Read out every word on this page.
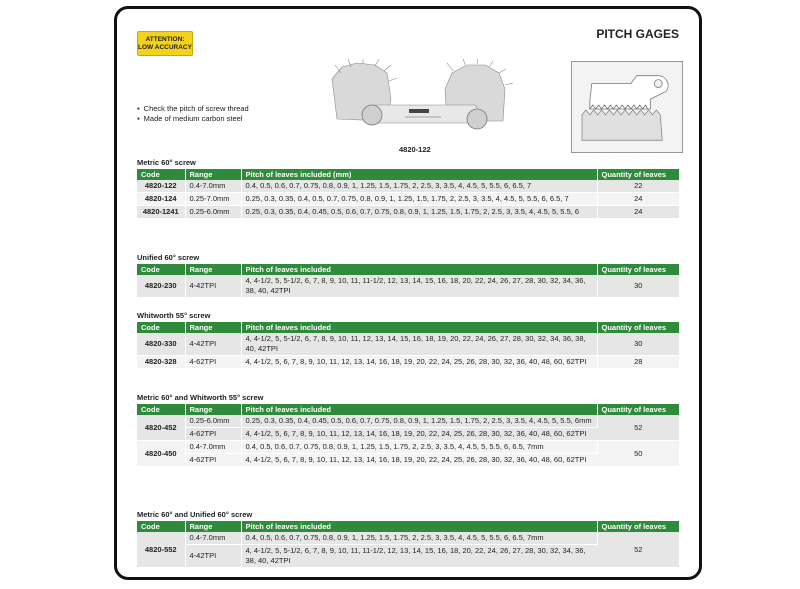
ATTENTION: LOW ACCURACY
PITCH GAGES
4820-122
▪ Check the pitch of screw thread
▪ Made of medium carbon steel
Metric 60° screw
Code	Range	Pitch of leaves included (mm)	Quantity of leaves
4820-122	0.4-7.0mm	0.4, 0.5, 0.6, 0.7, 0.75, 0.8, 0.9, 1, 1.25, 1.5, 1.75, 2, 2.5, 3, 3.5, 4, 4.5, 5, 5.5, 6, 6.5, 7	22
4820-124	0.25-7.0mm	0.25, 0.3, 0.35, 0.4, 0.5, 0.7, 0.75, 0.8, 0.9, 1, 1.25, 1.5, 1.75, 2, 2.5, 3, 3.5, 4, 4.5, 5, 5.5, 6, 6.5, 7	24
4820-1241	0.25-6.0mm	0.25, 0.3, 0.35, 0.4, 0.45, 0.5, 0.6, 0.7, 0.75, 0.8, 0.9, 1, 1.25, 1.5, 1.75, 2, 2.5, 3, 3.5, 4, 4.5, 5, 5.5, 6	24
Unified 60° screw
Code	Range	Pitch of leaves included	Quantity of leaves
4820-230	4-42TPI	4, 4-1/2, 5, 5-1/2, 6, 7, 8, 9, 10, 11, 11-1/2, 12, 13, 14, 15, 16, 18, 20, 22, 24, 26, 27, 28, 30, 32, 34, 36, 38, 40, 42TPI	30
Whitworth 55° screw
Code	Range	Pitch of leaves included	Quantity of leaves
4820-330	4-42TPI	4, 4-1/2, 5, 5-1/2, 6, 7, 8, 9, 10, 11, 12, 13, 14, 15, 16, 18, 19, 20, 22, 24, 26, 27, 28, 30, 32, 34, 36, 38, 40, 42TPI	30
4820-328	4-62TPI	4, 4-1/2, 5, 6, 7, 8, 9, 10, 11, 12, 13, 14, 16, 18, 19, 20, 22, 24, 25, 26, 28, 30, 32, 36, 40, 48, 60, 62TPI	28
Metric 60° and Whitworth 55° screw
Code	Range	Pitch of leaves included	Quantity of leaves
4820-452	0.25-6.0mm	0.25, 0.3, 0.35, 0.4, 0.45, 0.5, 0.6, 0.7, 0.75, 0.8, 0.9, 1, 1.25, 1.5, 1.75, 2, 2.5, 3, 3.5, 4, 4.5, 5, 5.5, 6mm	52
	4-62TPI	4, 4-1/2, 5, 6, 7, 8, 9, 10, 11, 12, 13, 14, 16, 18, 19, 20, 22, 24, 25, 26, 28, 30, 32, 36, 40, 48, 60, 62TPI	
4820-450	0.4-7.0mm	0.4, 0.5, 0.6, 0.7, 0.75, 0.8, 0.9, 1, 1.25, 1.5, 1.75, 2, 2.5, 3, 3.5, 4, 4.5, 5, 5.5, 6, 6.5, 7mm	50
	4-62TPI	4, 4-1/2, 5, 6, 7, 8, 9, 10, 11, 12, 13, 14, 16, 18, 19, 20, 22, 24, 25, 26, 28, 30, 32, 36, 40, 48, 60, 62TPI	
Metric 60° and Unified 60° screw
Code	Range	Pitch of leaves included	Quantity of leaves
4820-552	0.4-7.0mm	0.4, 0.5, 0.6, 0.7, 0.75, 0.8, 0.9, 1, 1.25, 1.5, 1.75, 2, 2.5, 3, 3.5, 4, 4.5, 5, 5.5, 6, 6.5, 7mm	52
	4-42TPI	4, 4-1/2, 5, 5-1/2, 6, 7, 8, 9, 10, 11, 11-1/2, 12, 13, 14, 15, 16, 18, 20, 22, 24, 26, 27, 28, 30, 32, 34, 36, 38, 40, 42TPI	
